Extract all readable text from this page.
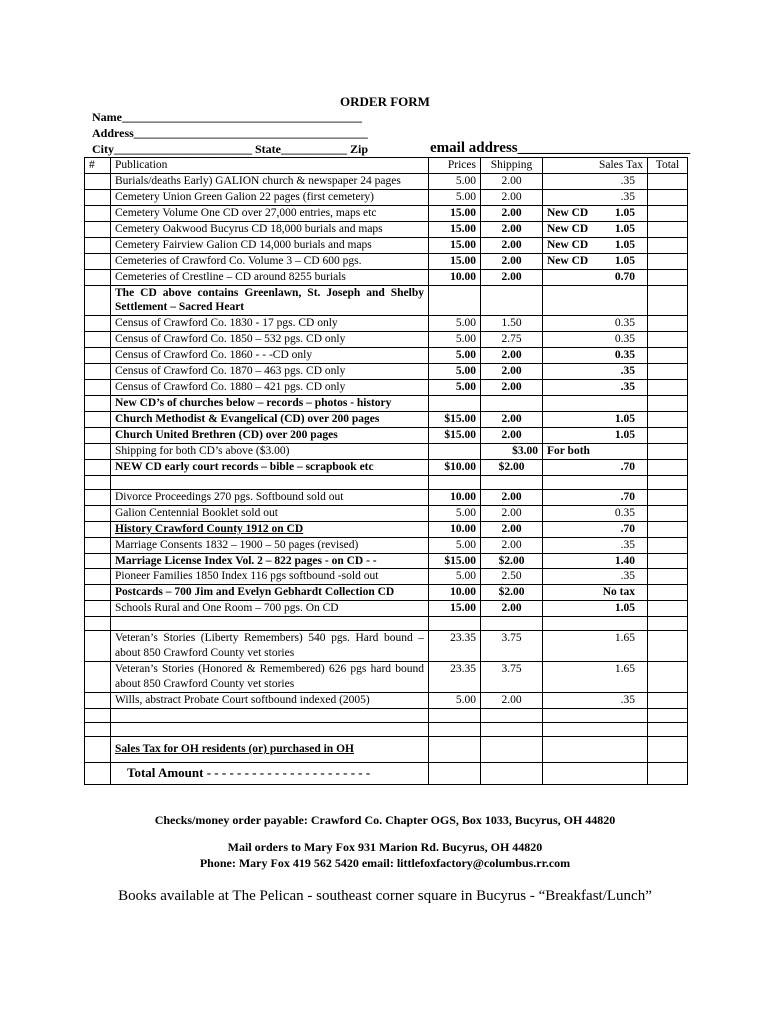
ORDER FORM
Name________________________________________
Address_______________________________________
City_______________________ State___________ Zip	email address_______________________
#	Publication	Prices	Shipping	Sales Tax	Total
	Burials/deaths Early) GALION church & newspaper 24 pages	5.00	2.00	.35	

	Cemetery Union Green Galion 22 pages (first cemetery)	5.00	2.00	.35	

	Cemetery Volume One CD over 27,000 entries, maps etc	15.00	2.00	New CD 1.05	

	Cemetery Oakwood Bucyrus CD 18,000 burials and maps	15.00	2.00	New CD 1.05	

	Cemetery Fairview Galion CD 14,000 burials and maps	15.00	2.00	New CD 1.05	

	Cemeteries of Crawford Co. Volume 3 – CD 600 pgs.	15.00	2.00	New CD 1.05	

	Cemeteries of Crestline – CD around 8255 burials	10.00	2.00	0.70	

	The CD above contains Greenlawn, St. Joseph and Shelby Settlement – Sacred Heart			

	Census of Crawford Co. 1830 - 17 pgs. CD only	5.00	1.50	0.35	

	Census of Crawford Co. 1850 – 532 pgs. CD only	5.00	2.75	0.35	

	Census of Crawford Co. 1860 - - -CD only	5.00	2.00	0.35	

	Census of Crawford Co. 1870 – 463 pgs. CD only	5.00	2.00	.35	

	Census of Crawford Co. 1880 – 421 pgs. CD only	5.00	2.00	.35	

	New CD’s of churches below – records – photos - history			

	Church Methodist & Evangelical (CD) over 200 pages	$15.00	2.00	1.05	

	Church United Brethren (CD) over 200 pages	$15.00	2.00	1.05	

	Shipping for both CD’s above ($3.00)		$3.00	For both	

	NEW CD early court records – bible – scrapbook etc	$10.00	$2.00	.70	

	Divorce Proceedings 270 pgs. Softbound sold out	10.00	2.00	.70	

	Galion Centennial Booklet sold out	5.00	2.00	0.35	

	History Crawford County 1912 on CD	10.00	2.00	.70	

	Marriage Consents 1832 – 1900 – 50 pages (revised)	5.00	2.00	.35	

	Marriage License Index Vol. 2 – 822 pages - on CD - -	$15.00	$2.00	1.40	

	Pioneer Families 1850 Index 116 pgs softbound -sold out	5.00	2.50	.35	

	Postcards – 700 Jim and Evelyn Gebhardt Collection CD	10.00	$2.00	No tax	

	Schools Rural and One Room – 700 pgs. On CD	15.00	2.00	1.05	

	Veteran’s Stories (Liberty Remembers) 540 pgs. Hard bound – about 850 Crawford County vet stories	23.35	3.75	1.65	

	Veteran’s Stories (Honored & Remembered) 626 pgs hard bound about 850 Crawford County vet stories	23.35	3.75	1.65	

	Wills, abstract Probate Court softbound indexed (2005)	5.00	2.00	.35	

	Sales Tax for OH residents (or) purchased in OH			

	Total Amount - - - - - - - - - - - - - - - - - - - - - -			

Checks/money order payable: Crawford Co. Chapter OGS, Box 1033, Bucyrus, OH 44820
Mail orders to Mary Fox 931 Marion Rd. Bucyrus, OH 44820
Phone: Mary Fox 419 562 5420 email: littlefoxfactory@columbus.rr.com
Books available at The Pelican - southeast corner square in Bucyrus - “Breakfast/Lunch”
